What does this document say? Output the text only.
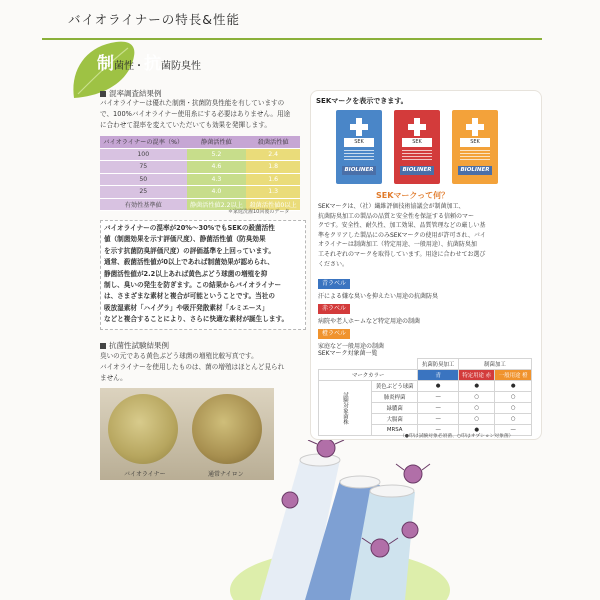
バイオライナーの特長&性能
制菌性・抗菌防臭性
混率調査結果例
バイオライナーは優れた制菌・抗菌防臭性能を有していますの
で、100%バイオライナー使用糸にする必要はありません。用途
に合わせて混率を変えていただいても効果を発揮します。
バイオライナーの混率（%）	静菌活性値	殺菌活性値
100	5.2	2.4
75	4.6	1.8
50	4.3	1.6
25	4.0	1.3
有効性基準値	静菌活性値2.2以上	殺菌活性値0以上
＊家庭洗濯10回後のデータ
バイオライナーの混率が20%〜30%でもSEKの殺菌活性
値（制菌効果を示す評価尺度）、静菌活性値（防臭効果
を示す抗菌防臭評価尺度）の評価基準を上回っています。
通常、殺菌活性値が0以上であれば制菌効果が認められ、
静菌活性値が2.2以上あれば黄色ぶどう球菌の増殖を抑
制し、臭いの発生を防ぎます。この結果からバイオライナー
は、さまざまな素材と複合が可能ということです。当社の
吸放湿素材「ハイグラ」や吸汗発散素材「ルミエース」
などと複合することにより、さらに快適な素材が誕生します。
抗菌性試験結果例
臭いの元である黄色ぶどう球菌の増殖比較写真です。
バイオライナーを使用したものは、菌の増殖はほとんど見られ
ません。
バイオライナー	通常ナイロン
SEKマークを表示できます。
SEK
BIOLINER
SEK
BIOLINER
SEK
BIOLINER
SEKマークって何？
SEKマークは、（社）繊維評価技術協議会が制菌加工、
抗菌防臭加工の製品の品質と安全性を保証する信頼のマー
クです。安全性、耐久性、加工効果、品質管理などの厳しい基
準をクリアした製品にのみSEKマークの使用が許可され、バイ
オライナーは制菌加工（特定用途、一般用途）、抗菌防臭加
工それぞれのマークを取得しています。用途に合わせてお選び
ください。
青ラベル
汗による嫌な臭いを抑えたい用途の抗菌防臭
赤ラベル
病院や老人ホームなど特定用途の制菌
橙ラベル
家庭など一般用途の制菌
SEKマーク対象菌一覧
		抗菌防臭加工	制菌加工	
マークカラー		青	特定用途 赤	一般用途 橙
試験対象菌株	黄色ぶどう球菌	●	●	●
	肺炎桿菌	—	○	○
	緑膿菌	—	○	○
	大腸菌	—	○	○
	MRSA	—	●	—
（●印は試験対象必須菌、○印はオプション対象菌）
